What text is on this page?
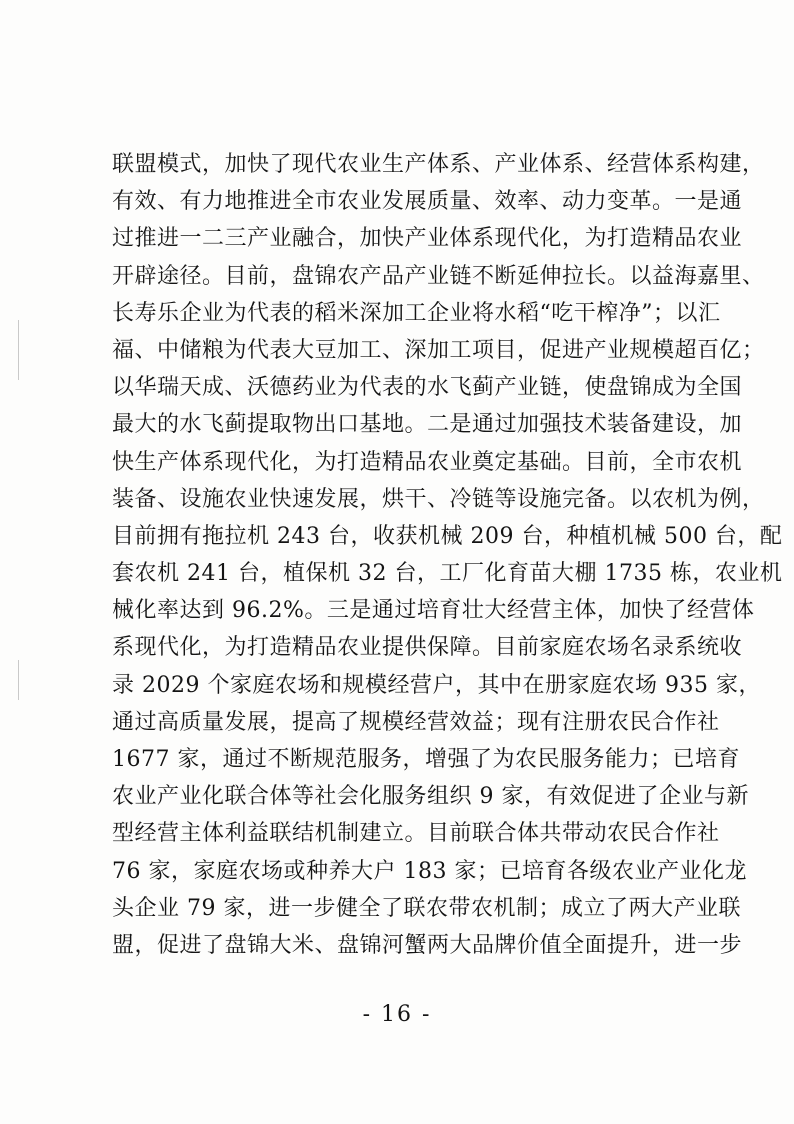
联盟模式，加快了现代农业生产体系、产业体系、经营体系构建，
有效、有力地推进全市农业发展质量、效率、动力变革。一是通
过推进一二三产业融合，加快产业体系现代化，为打造精品农业
开辟途径。目前，盘锦农产品产业链不断延伸拉长。以益海嘉里、
长寿乐企业为代表的稻米深加工企业将水稻“吃干榨净”；以汇
福、中储粮为代表大豆加工、深加工项目，促进产业规模超百亿；
以华瑞天成、沃德药业为代表的水飞蓟产业链，使盘锦成为全国
最大的水飞蓟提取物出口基地。二是通过加强技术装备建设，加
快生产体系现代化，为打造精品农业奠定基础。目前，全市农机
装备、设施农业快速发展，烘干、冷链等设施完备。以农机为例，
目前拥有拖拉机 243 台，收获机械 209 台，种植机械 500 台，配
套农机 241 台，植保机 32 台，工厂化育苗大棚 1735 栋，农业机
械化率达到 96.2%。三是通过培育壮大经营主体，加快了经营体
系现代化，为打造精品农业提供保障。目前家庭农场名录系统收
录 2029 个家庭农场和规模经营户，其中在册家庭农场 935 家，
通过高质量发展，提高了规模经营效益；现有注册农民合作社
1677 家，通过不断规范服务，增强了为农民服务能力；已培育
农业产业化联合体等社会化服务组织 9 家，有效促进了企业与新
型经营主体利益联结机制建立。目前联合体共带动农民合作社
76 家，家庭农场或种养大户 183 家；已培育各级农业产业化龙
头企业 79 家，进一步健全了联农带农机制；成立了两大产业联
盟，促进了盘锦大米、盘锦河蟹两大品牌价值全面提升，进一步
- 16 -
